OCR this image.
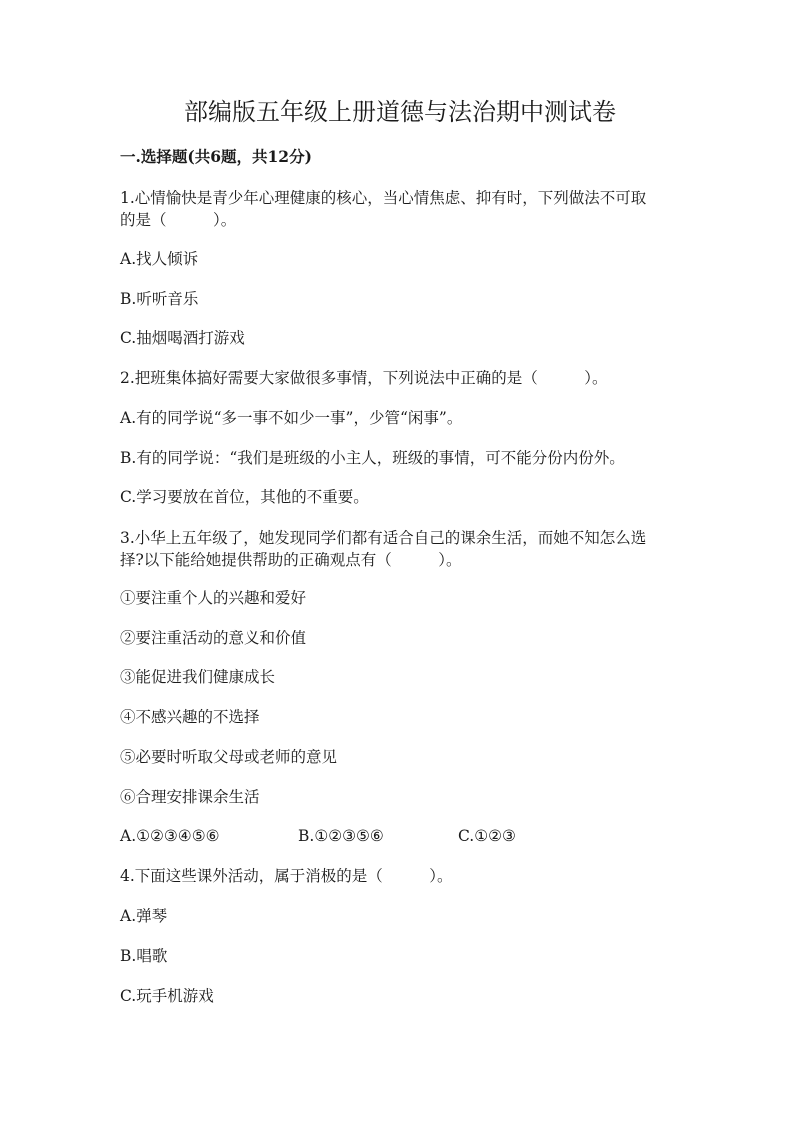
部编版五年级上册道德与法治期中测试卷

一.选择题(共6题，共12分)

1.心情愉快是青少年心理健康的核心，当心情焦虑、抑有时，下列做法不可取

的是（　　　）。

A.找人倾诉

B.听听音乐

C.抽烟喝酒打游戏

2.把班集体搞好需要大家做很多事情，下列说法中正确的是（　　　）。

A.有的同学说“多一事不如少一事”，少管“闲事”。

B.有的同学说：“我们是班级的小主人，班级的事情，可不能分份内份外。

C.学习要放在首位，其他的不重要。

3.小华上五年级了，她发现同学们都有适合自己的课余生活，而她不知怎么选

择?以下能给她提供帮助的正确观点有（　　　）。

①要注重个人的兴趣和爱好

②要注重活动的意义和价值

③能促进我们健康成长

④不感兴趣的不选择

⑤必要时听取父母或老师的意见

⑥合理安排课余生活

A.①②③④⑤⑥	B.①②③⑤⑥	C.①②③

4.下面这些课外活动，属于消极的是（　　　）。

A.弹琴

B.唱歌

C.玩手机游戏
